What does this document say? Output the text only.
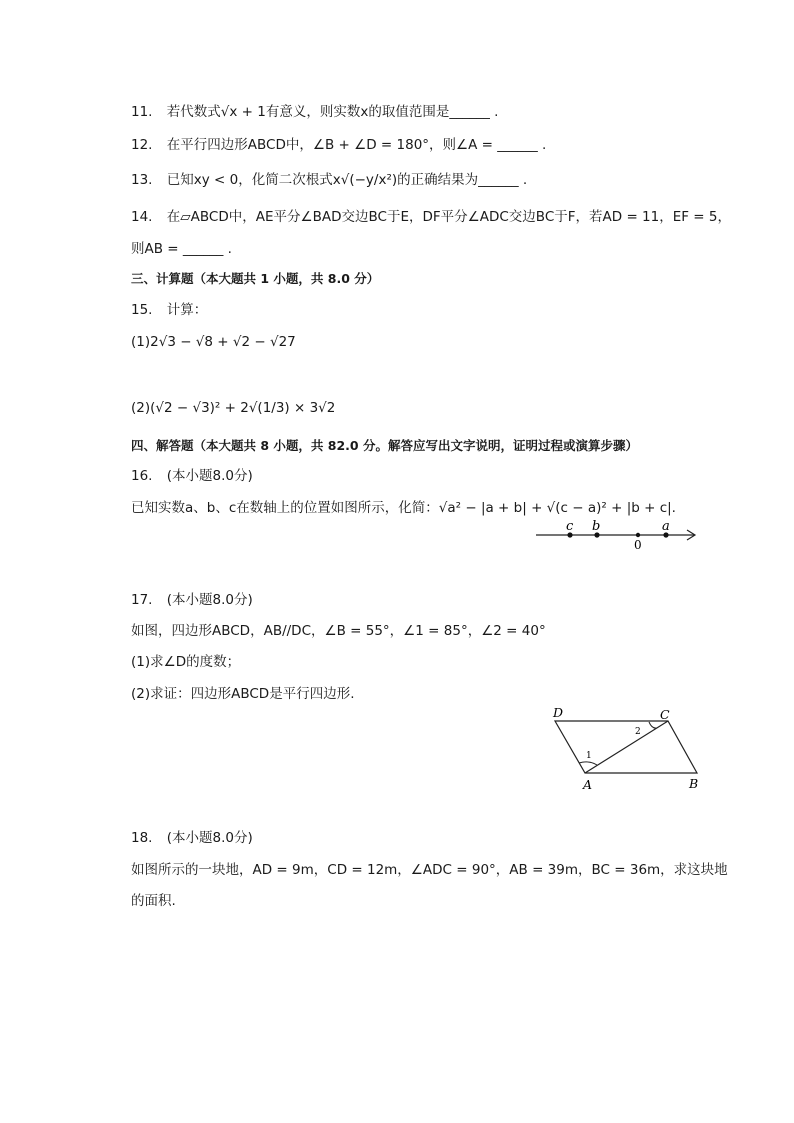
11. 若代数式√x + 1有意义，则实数x的取值范围是______ .
12. 在平行四边形ABCD中，∠B + ∠D = 180°，则∠A = ______ .
13. 已知xy < 0，化简二次根式x√(−y/x²)的正确结果为______ .
14. 在▱ABCD中，AE平分∠BAD交边BC于E，DF平分∠ADC交边BC于F，若AD = 11，EF = 5，
则AB = ______ .
三、计算题（本大题共 1 小题，共 8.0 分）
15. 计算：
(1)2√3 − √8 + √2 − √27
(2)(√2 − √3)² + 2√(1/3) × 3√2
四、解答题（本大题共 8 小题，共 82.0 分。解答应写出文字说明，证明过程或演算步骤）
16. (本小题8.0分)
已知实数a、b、c在数轴上的位置如图所示，化简：√a² − |a + b| + √(c − a)² + |b + c|.
c b
0
a
17. (本小题8.0分)
如图，四边形ABCD，AB//DC，∠B = 55°，∠1 = 85°，∠2 = 40°
(1)求∠D的度数；
(2)求证：四边形ABCD是平行四边形.
D	C
A	B
1
2
18. (本小题8.0分)
如图所示的一块地，AD = 9m，CD = 12m，∠ADC = 90°，AB = 39m，BC = 36m，求这块地
的面积.
